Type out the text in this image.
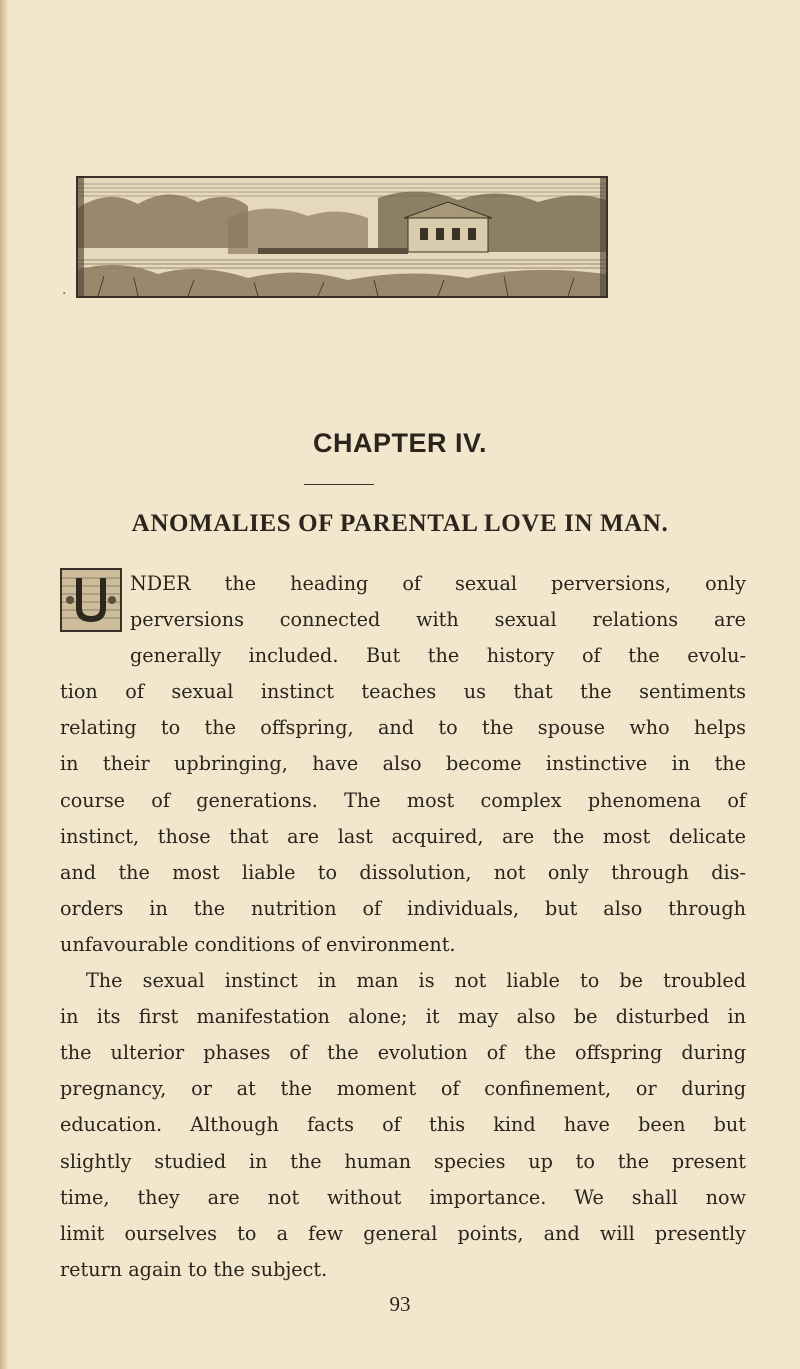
CHAPTER IV.
ANOMALIES OF PARENTAL LOVE IN MAN.

NDER the heading of sexual perversions, only
perversions connected with sexual relations are
generally included. But the history of the evolu-
tion of sexual instinct teaches us that the sentiments
relating to the offspring, and to the spouse who helps
in their upbringing, have also become instinctive in the
course of generations. The most complex phenomena of
instinct, those that are last acquired, are the most delicate
and the most liable to dissolution, not only through dis-
orders in the nutrition of individuals, but also through
unfavourable conditions of environment.

The sexual instinct in man is not liable to be troubled
in its first manifestation alone; it may also be disturbed in
the ulterior phases of the evolution of the offspring during
pregnancy, or at the moment of confinement, or during
education. Although facts of this kind have been but
slightly studied in the human species up to the present
time, they are not without importance. We shall now
limit ourselves to a few general points, and will presently
return again to the subject.

93

·
